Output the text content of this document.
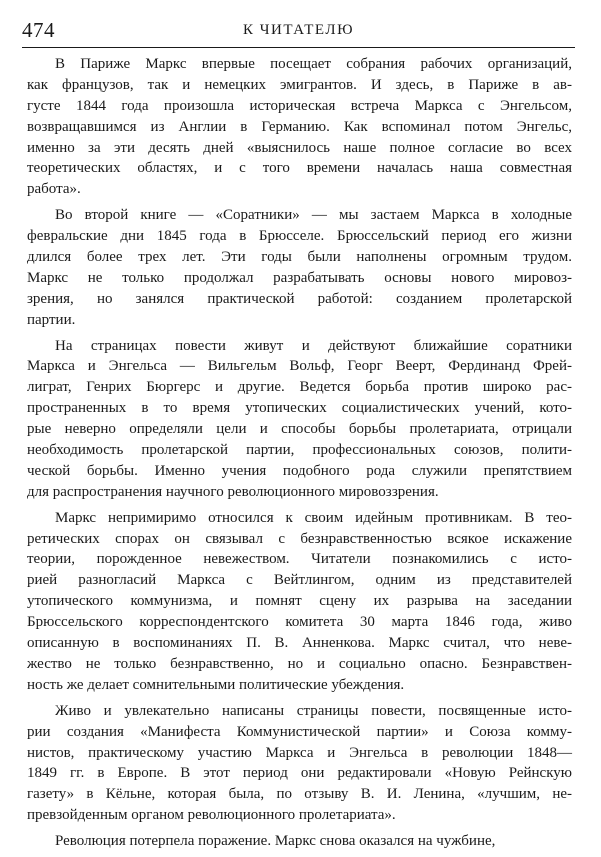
474	К ЧИТАТЕЛЮ
В Париже Маркс впервые посещает собрания рабочих организаций,
как французов, так и немецких эмигрантов. И здесь, в Париже в ав-
густе 1844 года произошла историческая встреча Маркса с Энгельсом,
возвращавшимся из Англии в Германию. Как вспоминал потом Энгельс,
именно за эти десять дней «выяснилось наше полное согласие во всех
теоретических областях, и с того времени началась наша совместная
работа».
Во второй книге — «Соратники» — мы застаем Маркса в холодные
февральские дни 1845 года в Брюсселе. Брюссельский период его жизни
длился более трех лет. Эти годы были наполнены огромным трудом.
Маркс не только продолжал разрабатывать основы нового мировоз-
зрения, но занялся практической работой: созданием пролетарской
партии.
На страницах повести живут и действуют ближайшие соратники
Маркса и Энгельса — Вильгельм Вольф, Георг Веерт, Фердинанд Фрей-
лиграт, Генрих Бюргерс и другие. Ведется борьба против широко рас-
пространенных в то время утопических социалистических учений, кото-
рые неверно определяли цели и способы борьбы пролетариата, отрицали
необходимость пролетарской партии, профессиональных союзов, полити-
ческой борьбы. Именно учения подобного рода служили препятствием
для распространения научного революционного мировоззрения.
Маркс непримиримо относился к своим идейным противникам. В тео-
ретических спорах он связывал с безнравственностью всякое искажение
теории, порожденное невежеством. Читатели познакомились с исто-
рией разногласий Маркса с Вейтлингом, одним из представителей
утопического коммунизма, и помнят сцену их разрыва на заседании
Брюссельского корреспондентского комитета 30 марта 1846 года, живо
описанную в воспоминаниях П. В. Анненкова. Маркс считал, что неве-
жество не только безнравственно, но и социально опасно. Безнравствен-
ность же делает сомнительными политические убеждения.
Живо и увлекательно написаны страницы повести, посвященные исто-
рии создания «Манифеста Коммунистической партии» и Союза комму-
нистов, практическому участию Маркса и Энгельса в революции 1848—
1849 гг. в Европе. В этот период они редактировали «Новую Рейнскую
газету» в Кёльне, которая была, по отзыву В. И. Ленина, «лучшим, не-
превзойденным органом революционного пролетариата».
Революция потерпела поражение. Маркс снова оказался на чужбине,
